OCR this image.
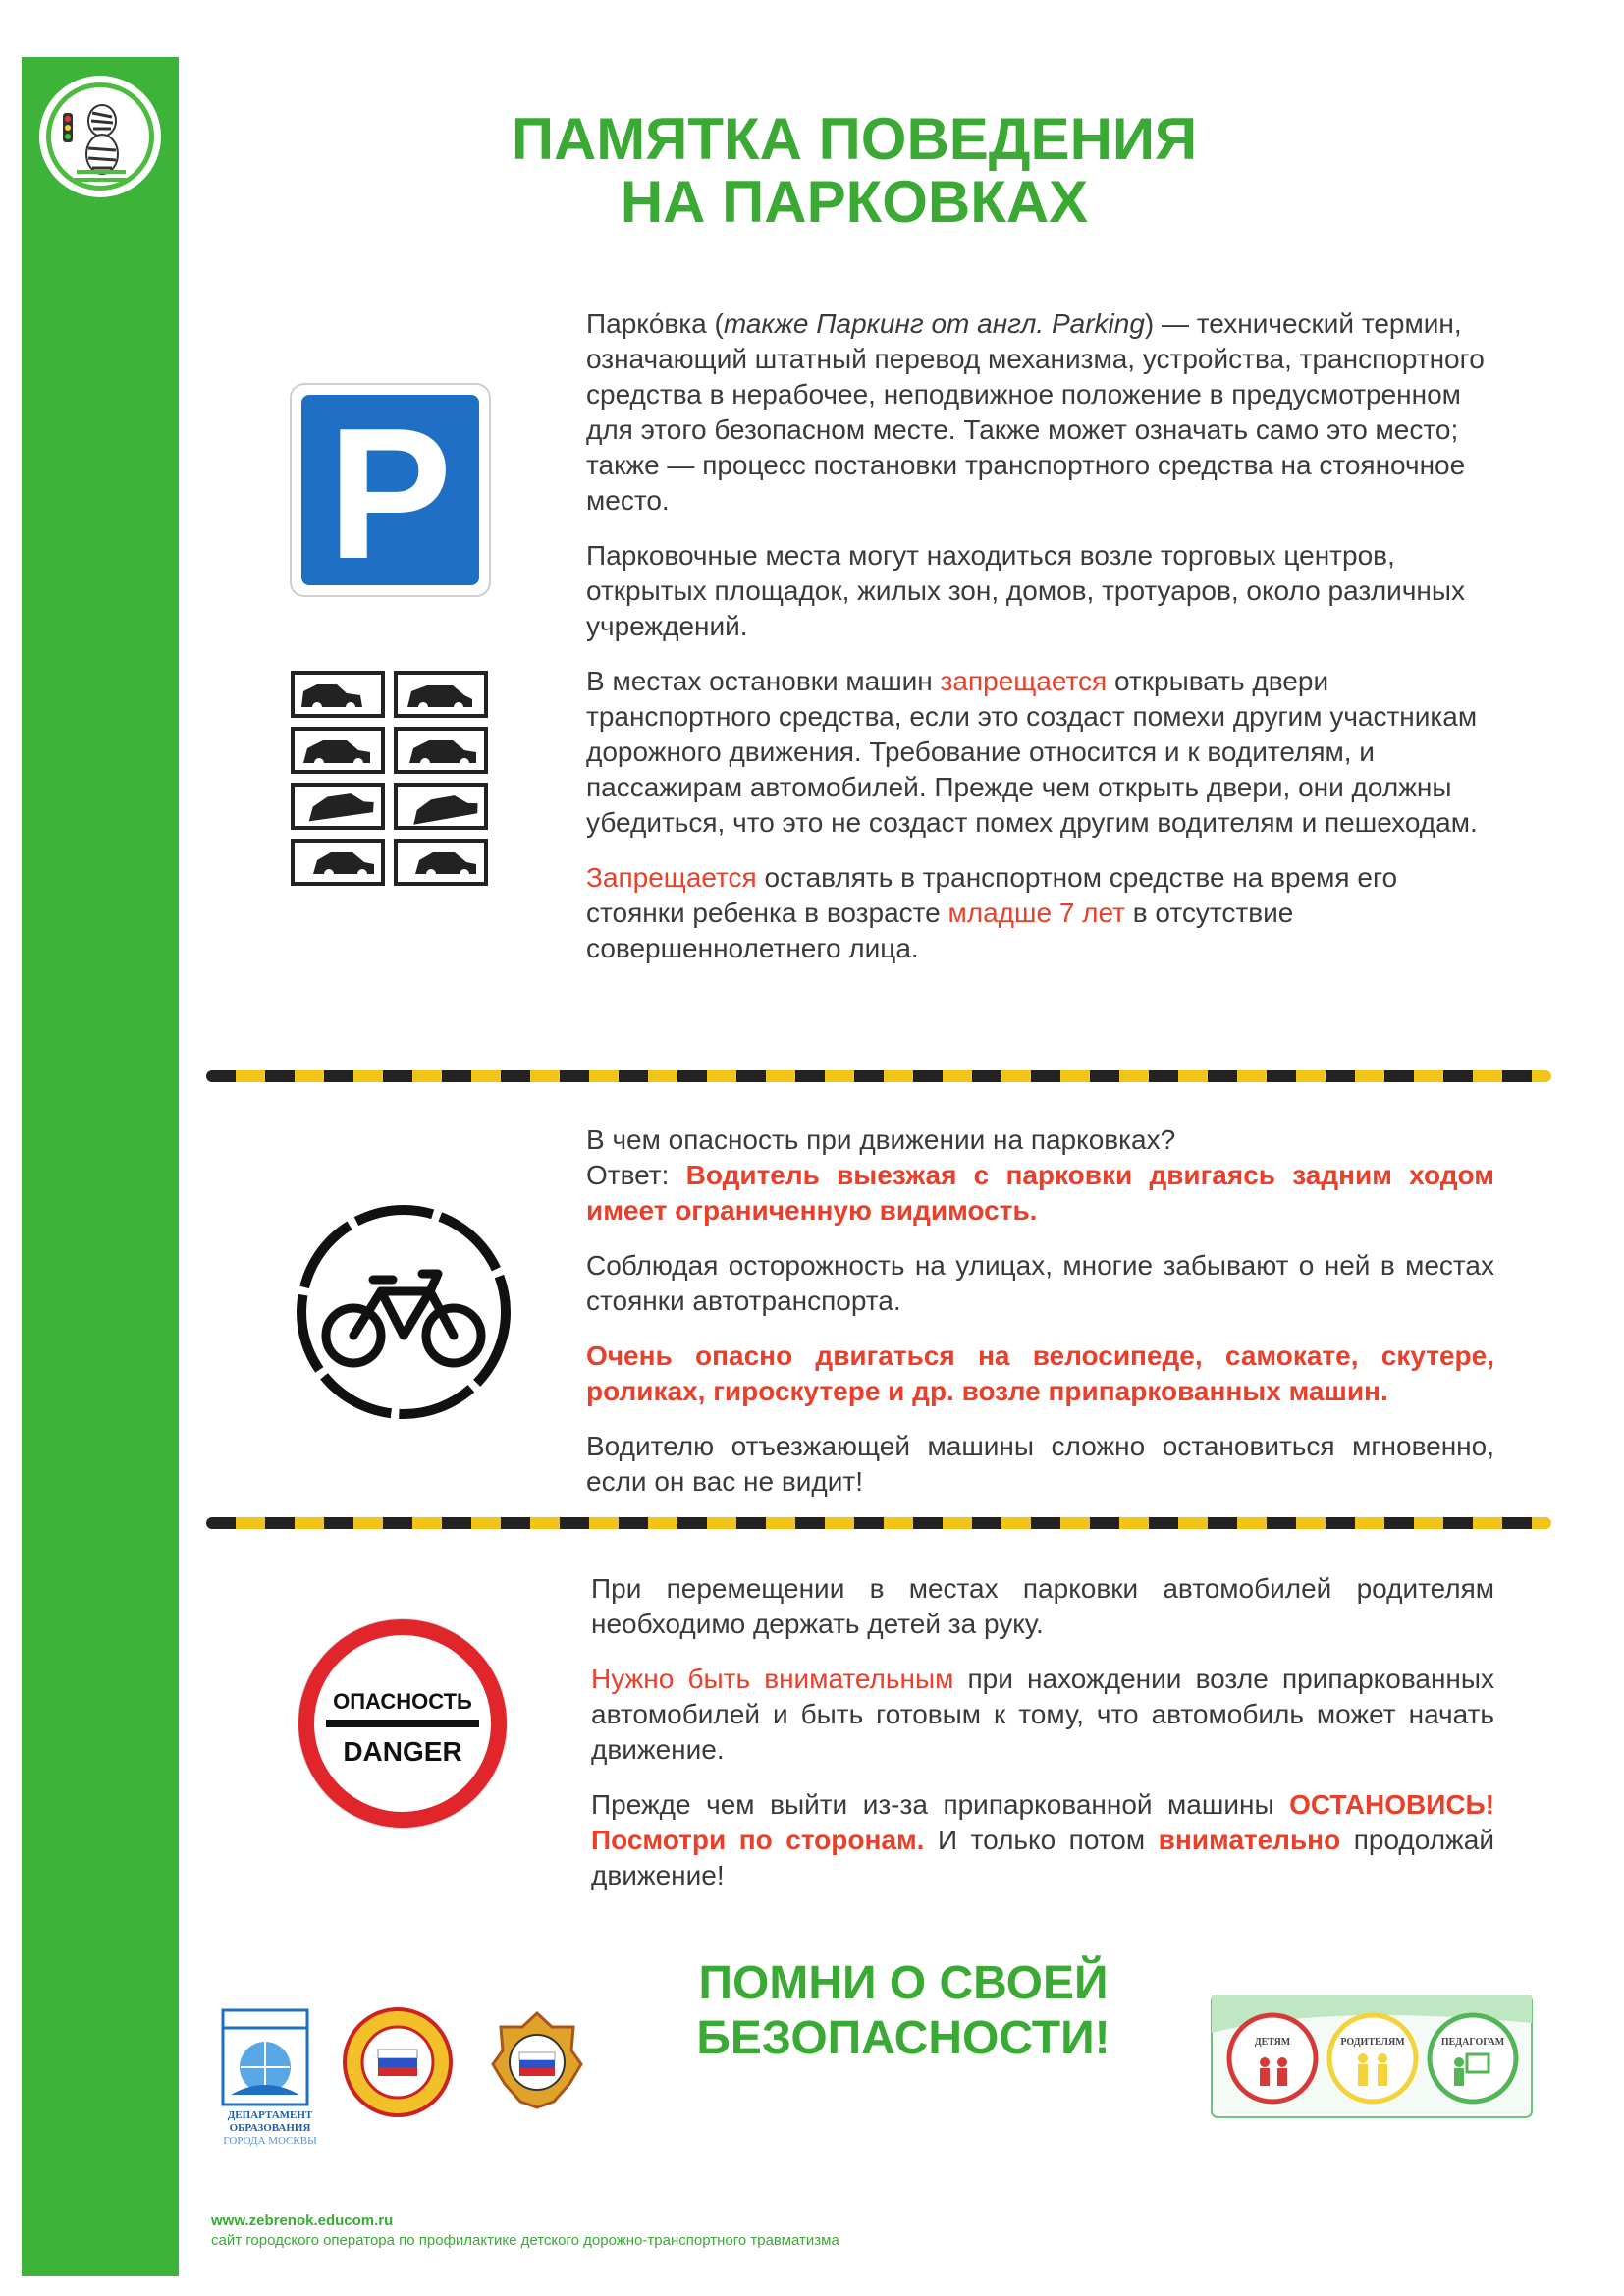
ПАМЯТКА ПОВЕДЕНИЯ
НА ПАРКОВКАХ
P

Парко́вка (также Паркинг от англ. Parking) — технический термин, означающий штатный перевод механизма, устройства, транспортного средства в нерабочее, неподвижное положение в предусмотренном для этого безопасном месте. Также может означать само это место; также — процесс постановки транспортного средства на стояночное место.

Парковочные места могут находиться возле торговых центров, открытых площадок, жилых зон, домов, тротуаров, около различных учреждений.

В местах остановки машин запрещается открывать двери транспортного средства, если это создаст помехи другим участникам дорожного движения. Требование относится и к водителям, и пассажирам автомобилей. Прежде чем открыть двери, они должны убедиться, что это не создаст помех другим водителям и пешеходам.

Запрещается оставлять в транспортном средстве на время его стоянки ребенка в возрасте младше 7 лет в отсутствие совершеннолетнего лица.

В чем опасность при движении на парковках?

Ответ: Водитель выезжая с парковки двигаясь задним ходом имеет ограниченную видимость.

Соблюдая осторожность на улицах, многие забывают о ней в местах стоянки автотранспорта.

Очень опасно двигаться на велосипеде, самокате, скутере, роликах, гироскутере и др. возле припаркованных машин.

Водителю отъезжающей машины сложно остановиться мгновенно, если он вас не видит!

ОПАСНОСТЬ
DANGER

При перемещении в местах парковки автомобилей родителям необходимо держать детей за руку.

Нужно быть внимательным при нахождении возле припаркованных автомобилей и быть готовым к тому, что автомобиль может начать движение.

Прежде чем выйти из-за припаркованной машины ОСТАНОВИСЬ! Посмотри по сторонам. И только потом внимательно продолжай движение!

ДЕПАРТАМЕНТ
ОБРАЗОВАНИЯ
ГОРОДА МОСКВЫ
ПОМНИ О СВОЕЙ
БЕЗОПАСНОСТИ!	ДЕТЯМ	РОДИТЕЛЯМ	ПЕДАГОГАМ
www.zebrenok.educom.ru
сайт городского оператора по профилактике детского дорожно-транспортного травматизма
